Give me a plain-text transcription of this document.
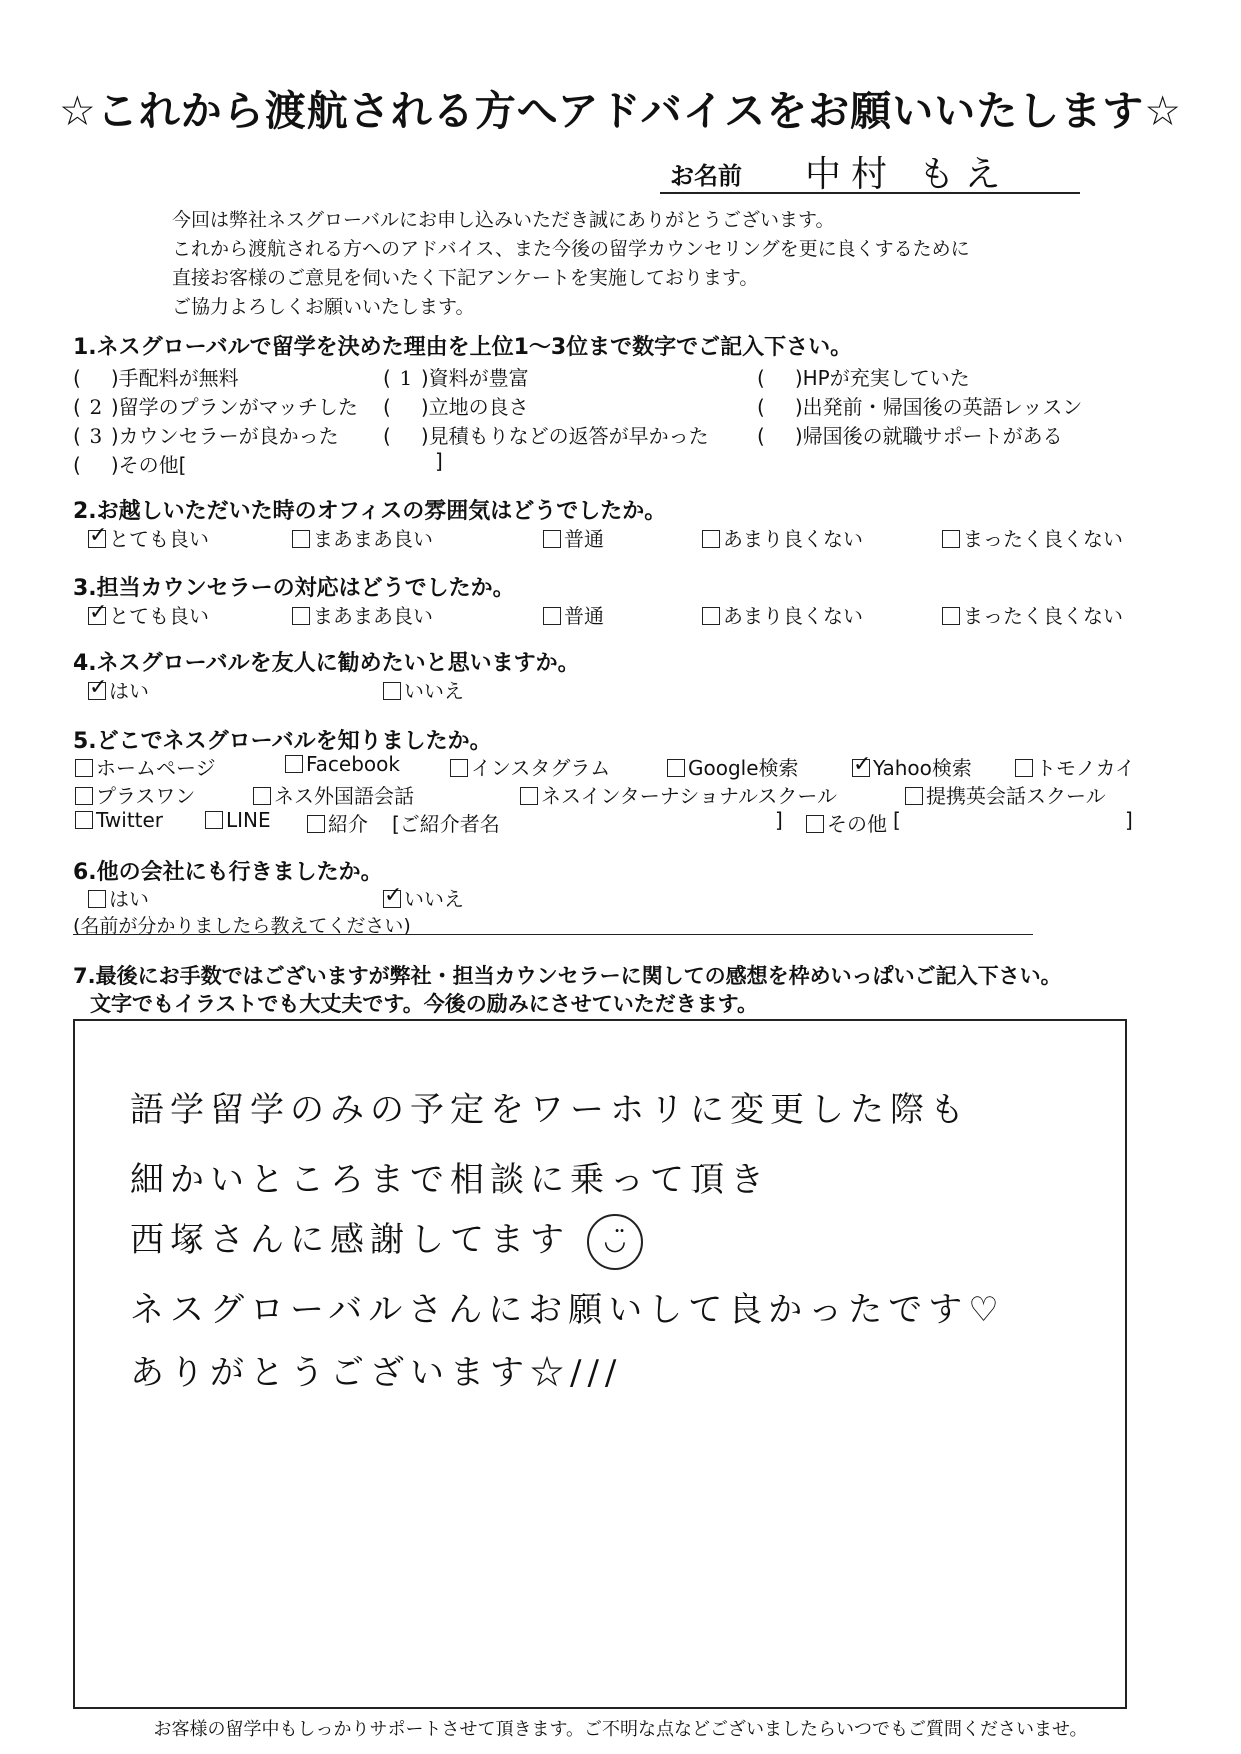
☆これから渡航される方へアドバイスをお願いいたします☆
お名前 中村 もえ
今回は弊社ネスグローバルにお申し込みいただき誠にありがとうございます。
これから渡航される方へのアドバイス、また今後の留学カウンセリングを更に良くするために
直接お客様のご意見を伺いたく下記アンケートを実施しております。
ご協力よろしくお願いいたします。
1.ネスグローバルで留学を決めた理由を上位1～3位まで数字でご記入下さい。
( )手配料が無料	( 1 )資料が豊富	( )HPが充実していた
( 2 )留学のプランがマッチした ( )立地の良さ	( )出発前・帰国後の英語レッスン
( 3 )カウンセラーが良かった ( )見積もりなどの返答が早かった ( )帰国後の就職サポートがある
( )その他[	]
2.お越しいただいた時のオフィスの雰囲気はどうでしたか。
✓とても良い	まあまあ良い	普通	あまり良くない	まったく良くない
3.担当カウンセラーの対応はどうでしたか。
✓とても良い	まあまあ良い	普通	あまり良くない	まったく良くない
4.ネスグローバルを友人に勧めたいと思いますか。
✓はい	いいえ
5.どこでネスグローバルを知りましたか。
ホームページ	Facebook	インスタグラム	Google検索 ✓	Yahoo検索	トモノカイ
プラスワン	ネス外国語会話	ネスインターナショナルスクール	提携英会話スクール
Twitter	LINE	紹介 [ご紹介者名	]	その他 [	]
6.他の会社にも行きましたか。
はい ✓	いいえ
(名前が分かりましたら教えてください)
7.最後にお手数ではございますが弊社・担当カウンセラーに関しての感想を枠めいっぱいご記入下さい。
文字でもイラストでも大丈夫です。今後の励みにさせていただきます。
語学留学のみの予定をワーホリに変更した際も
細かいところまで相談に乗って頂き
西塚さんに感謝してます ◡̈
ネスグローバルさんにお願いして良かったです♡
ありがとうございます☆///
お客様の留学中もしっかりサポートさせて頂きます。ご不明な点などございましたらいつでもご質問くださいませ。
